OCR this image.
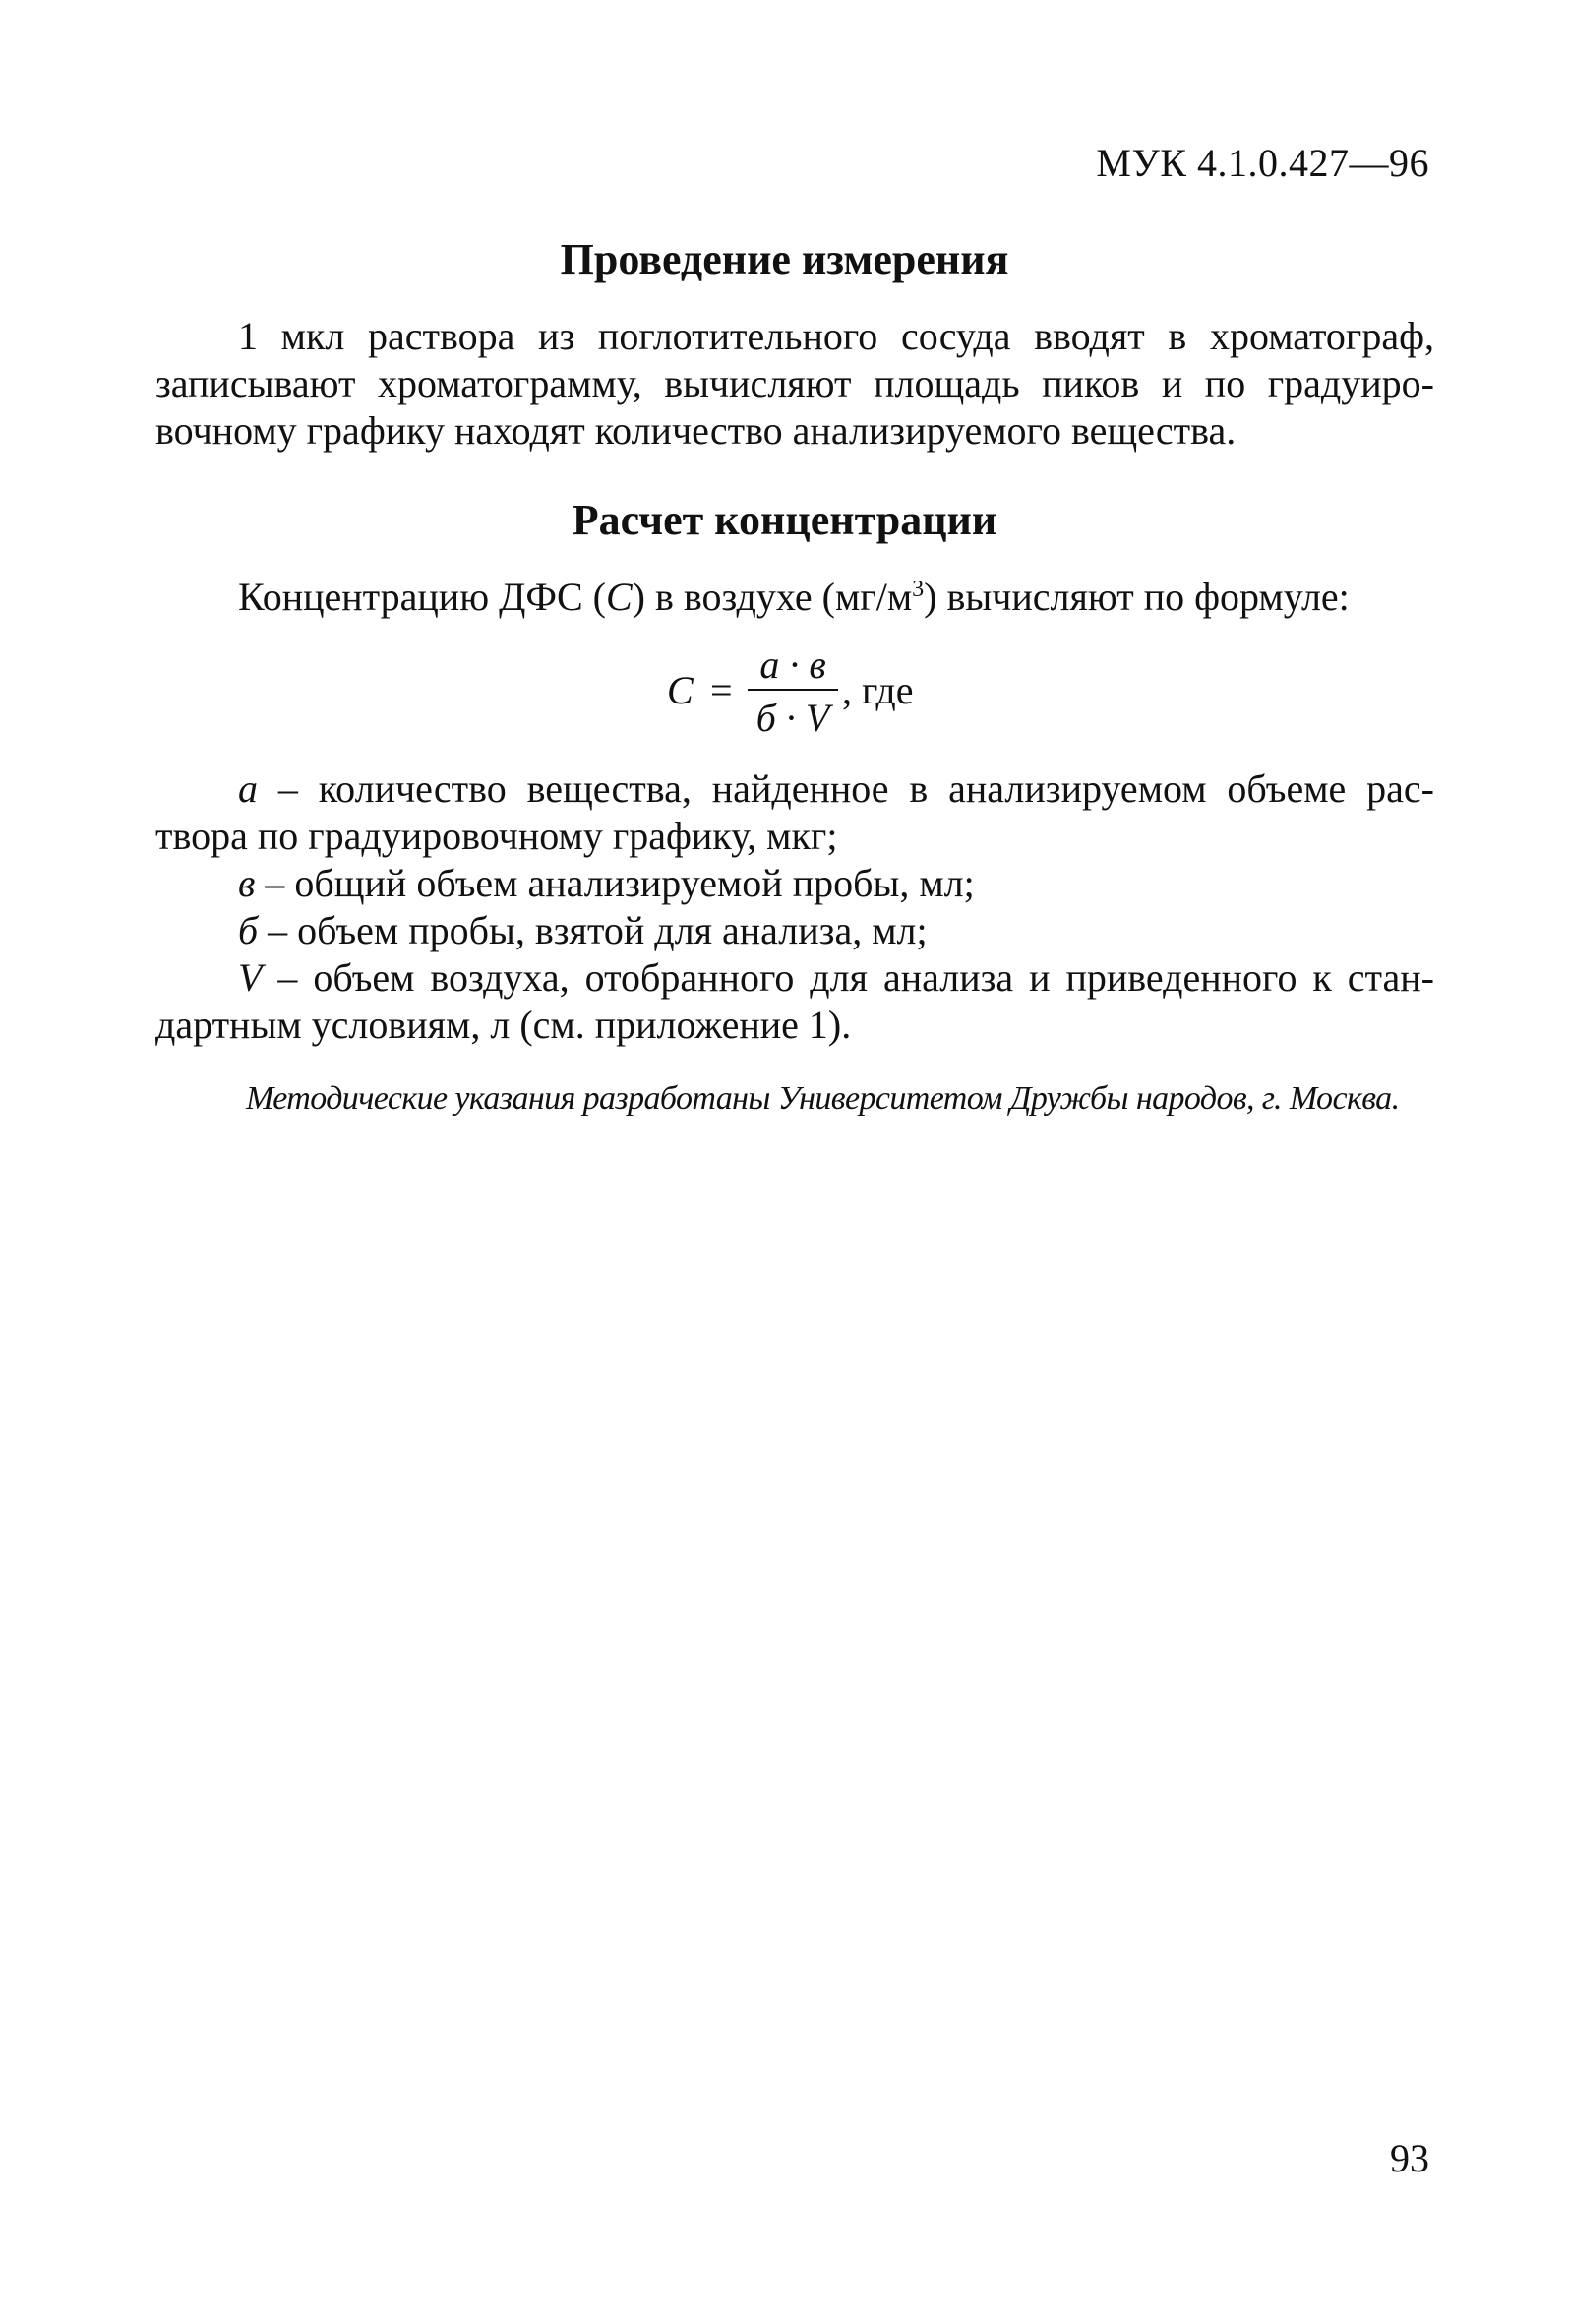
МУК 4.1.0.427—96
Проведение измерения
1 мкл раствора из поглотительного сосуда вводят в хроматограф,
записывают хроматограмму, вычисляют площадь пиков и по градуиро-
вочному графику находят количество анализируемого вещества.
Расчет концентрации
Концентрацию ДФС (С) в воздухе $(мг/м^3)$ вычисляют по формуле:
С =
а · в
б · V
, где
а – количество вещества, найденное в анализируемом объеме рас-
твора по градуировочному графику, мкг;
в – общий объем анализируемой пробы, мл;
б – объем пробы, взятой для анализа, мл;
V – объем воздуха, отобранного для анализа и приведенного к стан-
дартным условиям, л (см. приложение 1).
Методические указания разработаны Университетом Дружбы народов, г. Москва.
93
